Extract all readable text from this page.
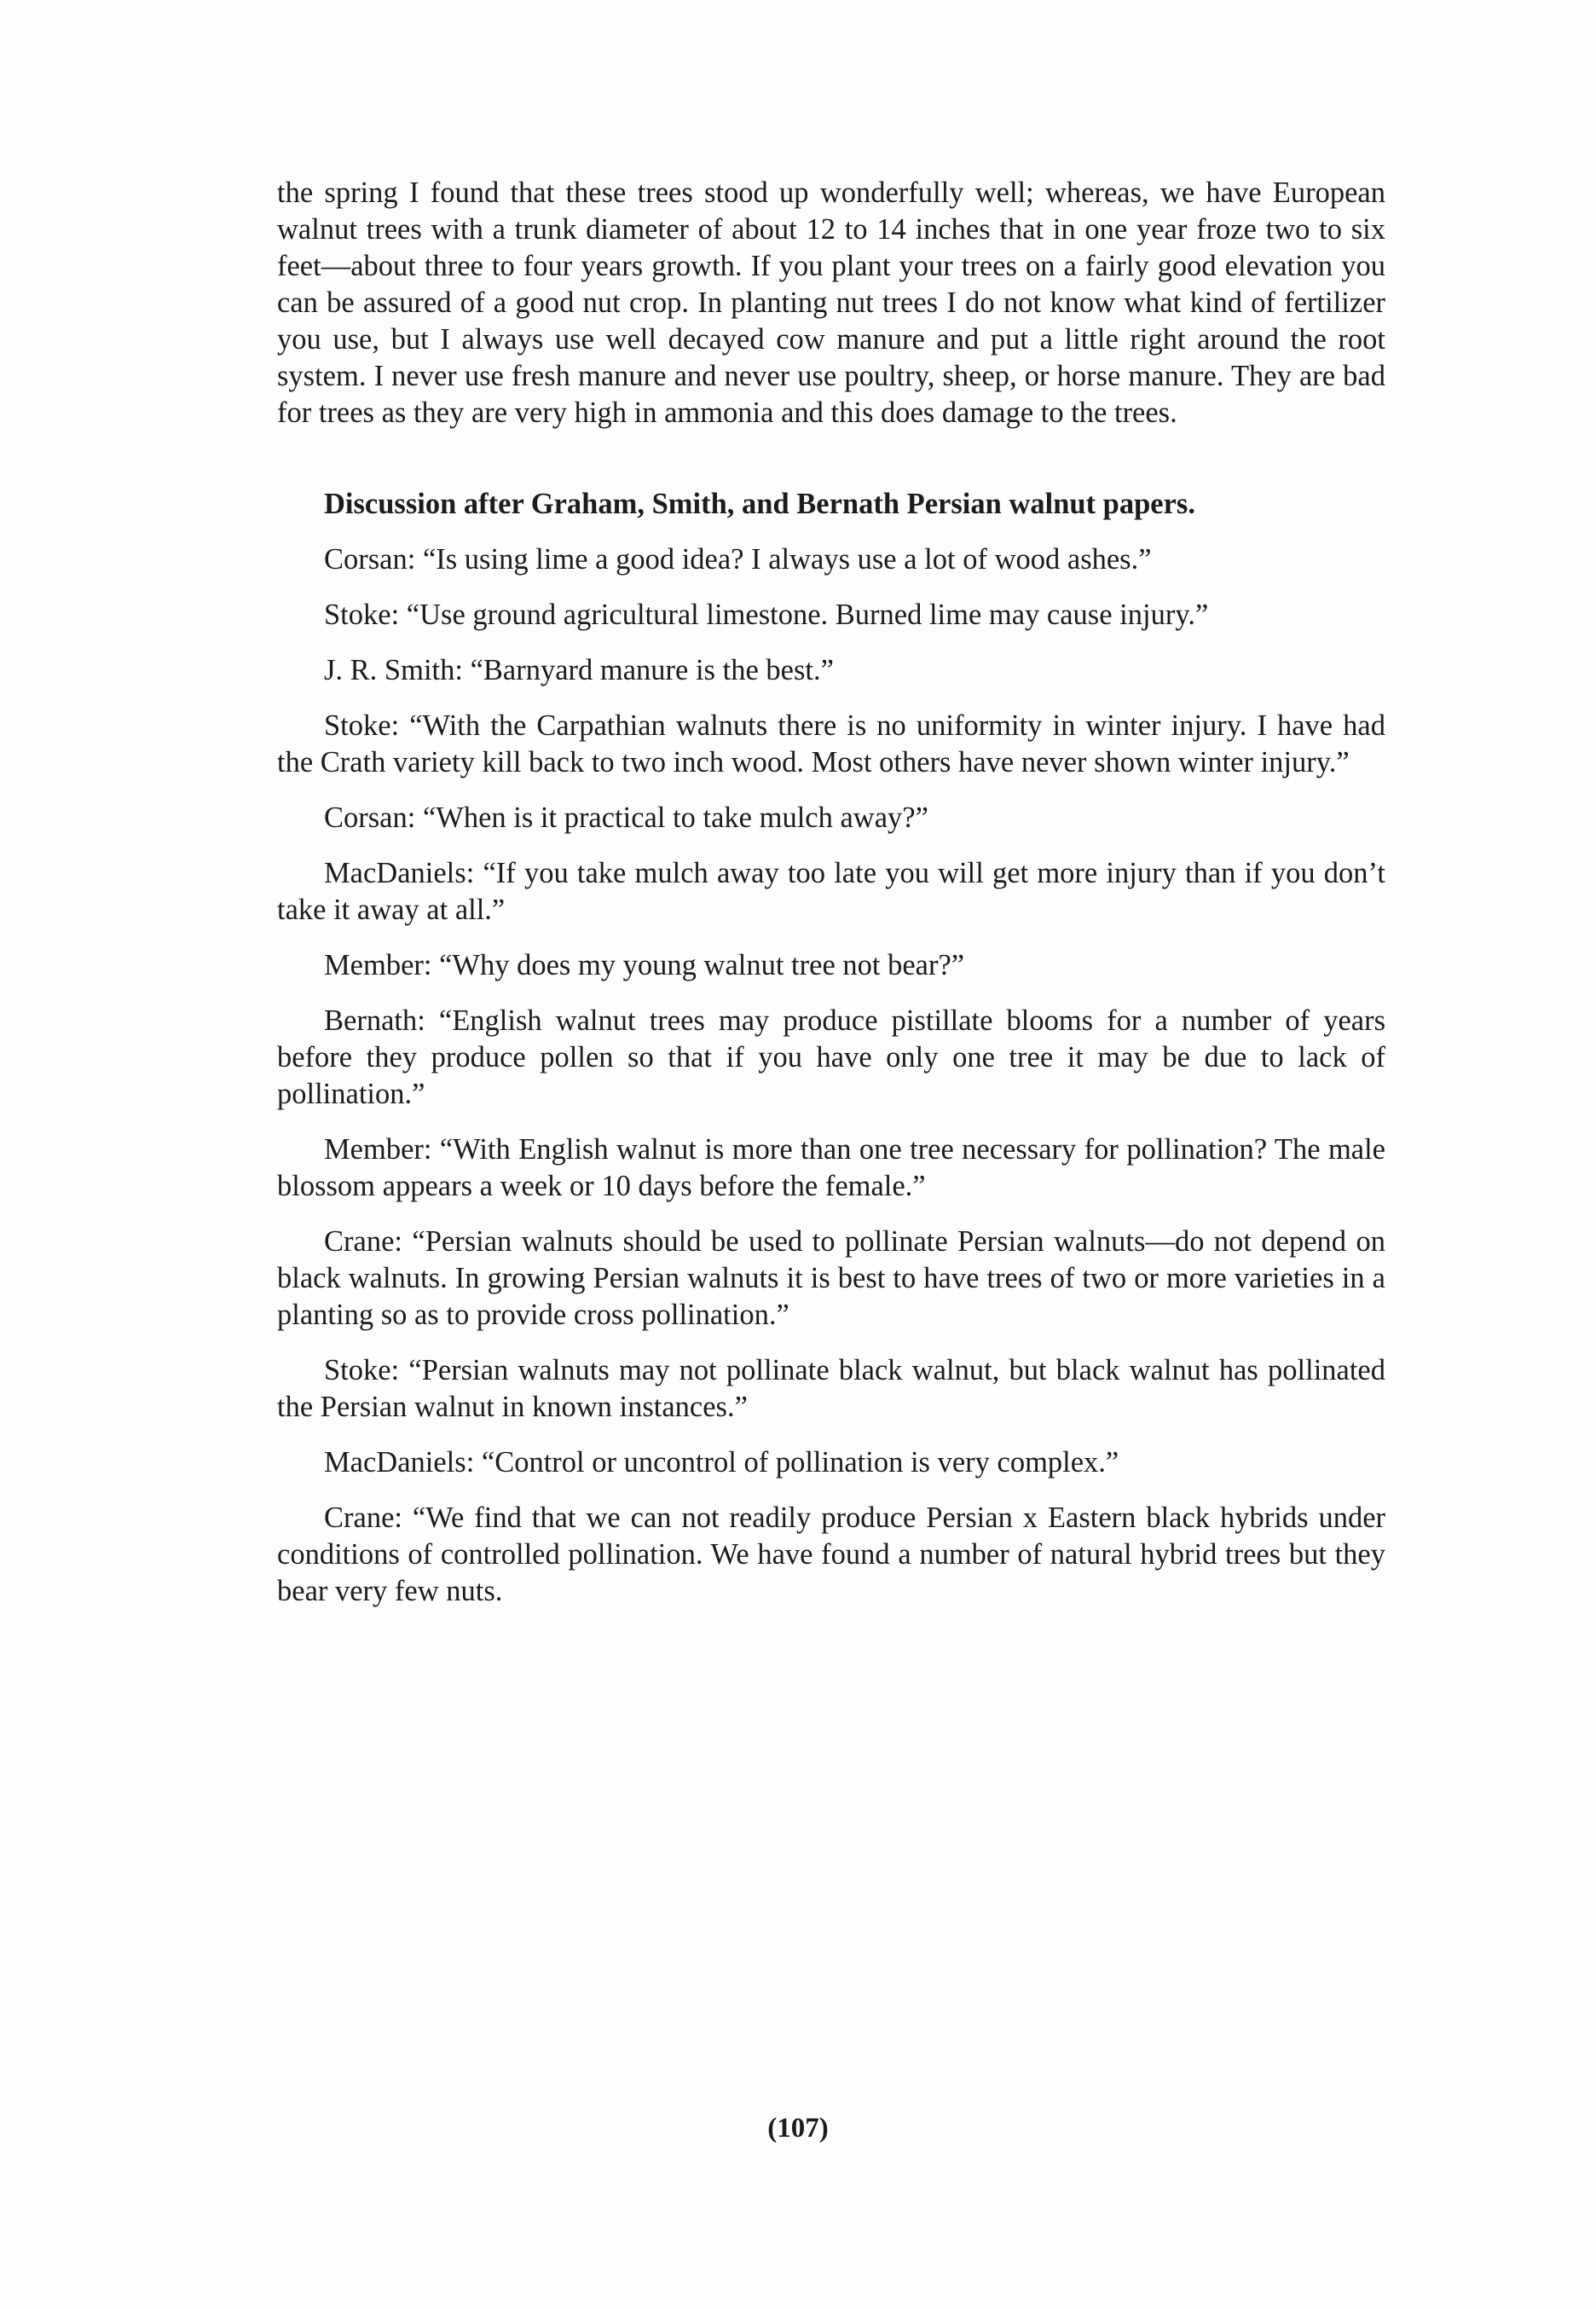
the spring I found that these trees stood up wonderfully well; whereas, we have European walnut trees with a trunk diameter of about 12 to 14 inches that in one year froze two to six feet—about three to four years growth. If you plant your trees on a fairly good elevation you can be assured of a good nut crop. In planting nut trees I do not know what kind of fertilizer you use, but I always use well decayed cow manure and put a little right around the root system. I never use fresh manure and never use poultry, sheep, or horse manure. They are bad for trees as they are very high in ammonia and this does damage to the trees.

Discussion after Graham, Smith, and Bernath Persian walnut papers.

Corsan: “Is using lime a good idea? I always use a lot of wood ashes.”

Stoke: “Use ground agricultural limestone. Burned lime may cause injury.”

J. R. Smith: “Barnyard manure is the best.”

Stoke: “With the Carpathian walnuts there is no uniformity in winter injury. I have had the Crath variety kill back to two inch wood. Most others have never shown winter injury.”

Corsan: “When is it practical to take mulch away?”

MacDaniels: “If you take mulch away too late you will get more injury than if you don’t take it away at all.”

Member: “Why does my young walnut tree not bear?”

Bernath: “English walnut trees may produce pistillate blooms for a number of years before they produce pollen so that if you have only one tree it may be due to lack of pollination.”

Member: “With English walnut is more than one tree necessary for pollination? The male blossom appears a week or 10 days before the female.”

Crane: “Persian walnuts should be used to pollinate Persian walnuts—do not depend on black walnuts. In growing Persian walnuts it is best to have trees of two or more varieties in a planting so as to provide cross pollination.”

Stoke: “Persian walnuts may not pollinate black walnut, but black walnut has pollinated the Persian walnut in known instances.”

MacDaniels: “Control or uncontrol of pollination is very complex.”

Crane: “We find that we can not readily produce Persian x Eastern black hybrids under conditions of controlled pollination. We have found a number of natural hybrid trees but they bear very few nuts.

(107)
